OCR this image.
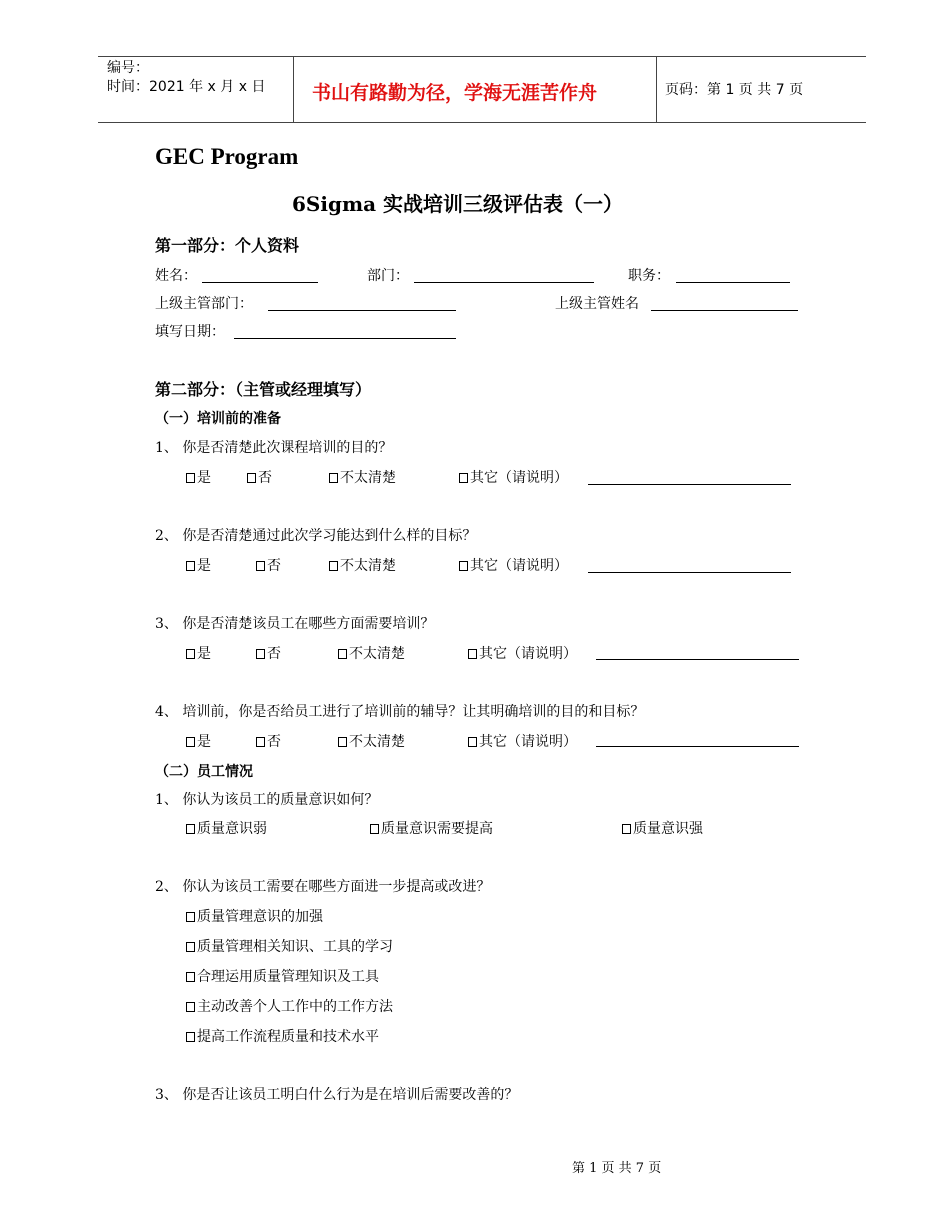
编号：
时间：2021 年 x 月 x 日 书山有路勤为径，学海无涯苦作舟	页码：第 1 页 共 7 页
GEC Program
6Sigma 实战培训三级评估表（一）
第一部分：个人资料
姓名：	部门：	职务：
上级主管部门：	上级主管姓名
填写日期：
第二部分：（主管或经理填写）
（一）培训前的准备
1、 你是否清楚此次课程培训的目的？
是	否	不太清楚	其它（请说明）
2、 你是否清楚通过此次学习能达到什么样的目标？
是	否	不太清楚	其它（请说明）
3、 你是否清楚该员工在哪些方面需要培训？
是	否	不太清楚	其它（请说明）
4、 培训前，你是否给员工进行了培训前的辅导？让其明确培训的目的和目标？
是	否	不太清楚	其它（请说明）
（二）员工情况
1、 你认为该员工的质量意识如何？
质量意识弱	质量意识需要提高	质量意识强
2、 你认为该员工需要在哪些方面进一步提高或改进？
质量管理意识的加强
质量管理相关知识、工具的学习
合理运用质量管理知识及工具
主动改善个人工作中的工作方法
提高工作流程质量和技术水平
3、 你是否让该员工明白什么行为是在培训后需要改善的？
第 1 页 共 7 页
